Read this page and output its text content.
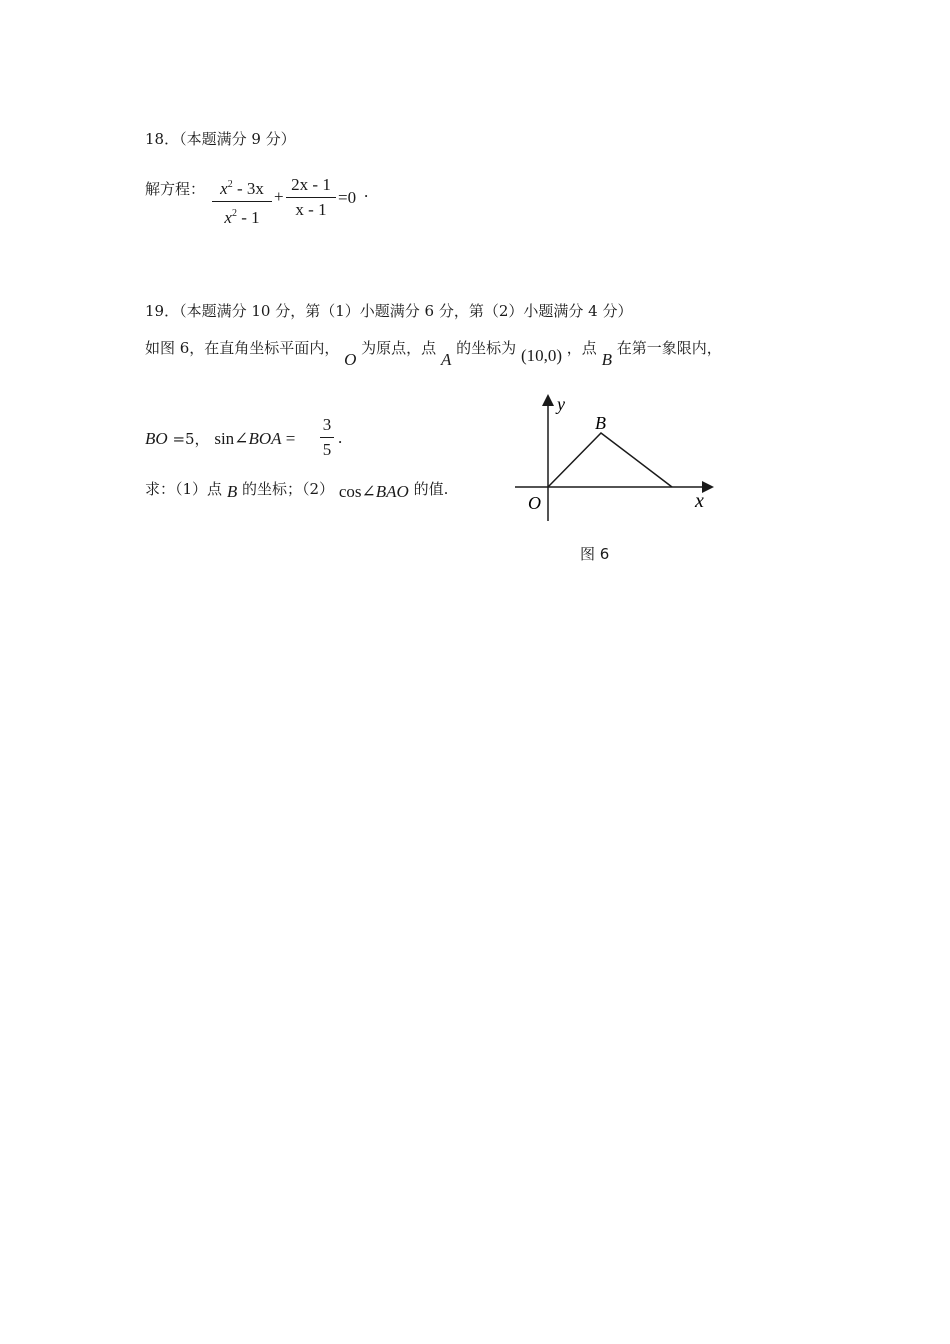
18．（本题满分 9 分）
解方程： $x^2 - 3x$
$x^2 - 1$
+
2x - 1
x - 1
=0 .
19．（本题满分 10 分，第（1）小题满分 6 分，第（2）小题满分 4 分）
如图 6，在直角坐标平面内， O 为原点，点 A 的坐标为 (10,0) ，点 B 在第一象限内，
BO =5， sin∠BOA =
3
5
.
求：（1）点 B 的坐标；（2） cos∠BAO 的值.
y
B
O	x
图 6
